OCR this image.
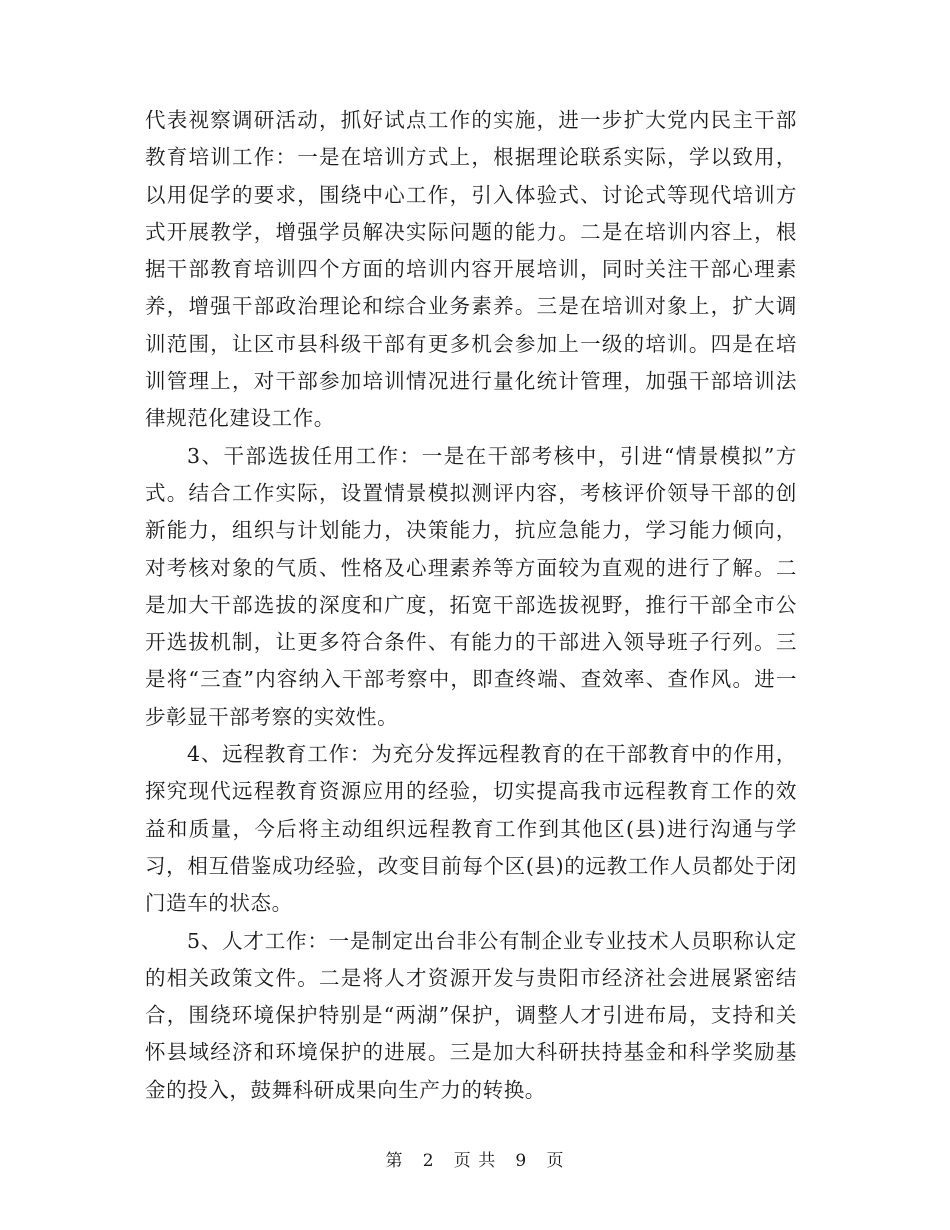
代表视察调研活动，抓好试点工作的实施，进一步扩大党内民主干部教育培训工作：一是在培训方式上，根据理论联系实际，学以致用，以用促学的要求，围绕中心工作，引入体验式、讨论式等现代培训方式开展教学，增强学员解决实际问题的能力。二是在培训内容上，根据干部教育培训四个方面的培训内容开展培训，同时关注干部心理素养，增强干部政治理论和综合业务素养。三是在培训对象上，扩大调训范围，让区市县科级干部有更多机会参加上一级的培训。四是在培训管理上，对干部参加培训情况进行量化统计管理，加强干部培训法律规范化建设工作。

3、干部选拔任用工作：一是在干部考核中，引进“情景模拟”方式。结合工作实际，设置情景模拟测评内容，考核评价领导干部的创新能力，组织与计划能力，决策能力，抗应急能力，学习能力倾向，对考核对象的气质、性格及心理素养等方面较为直观的进行了解。二是加大干部选拔的深度和广度，拓宽干部选拔视野，推行干部全市公开选拔机制，让更多符合条件、有能力的干部进入领导班子行列。三是将“三查”内容纳入干部考察中，即查终端、查效率、查作风。进一步彰显干部考察的实效性。

4、远程教育工作：为充分发挥远程教育的在干部教育中的作用，探究现代远程教育资源应用的经验，切实提高我市远程教育工作的效益和质量，今后将主动组织远程教育工作到其他区(县)进行沟通与学习，相互借鉴成功经验，改变目前每个区(县)的远教工作人员都处于闭门造车的状态。

5、人才工作：一是制定出台非公有制企业专业技术人员职称认定的相关政策文件。二是将人才资源开发与贵阳市经济社会进展紧密结合，围绕环境保护特别是“两湖”保护，调整人才引进布局，支持和关怀县域经济和环境保护的进展。三是加大科研扶持基金和科学奖励基金的投入，鼓舞科研成果向生产力的转换。

第 2 页 共 9 页
